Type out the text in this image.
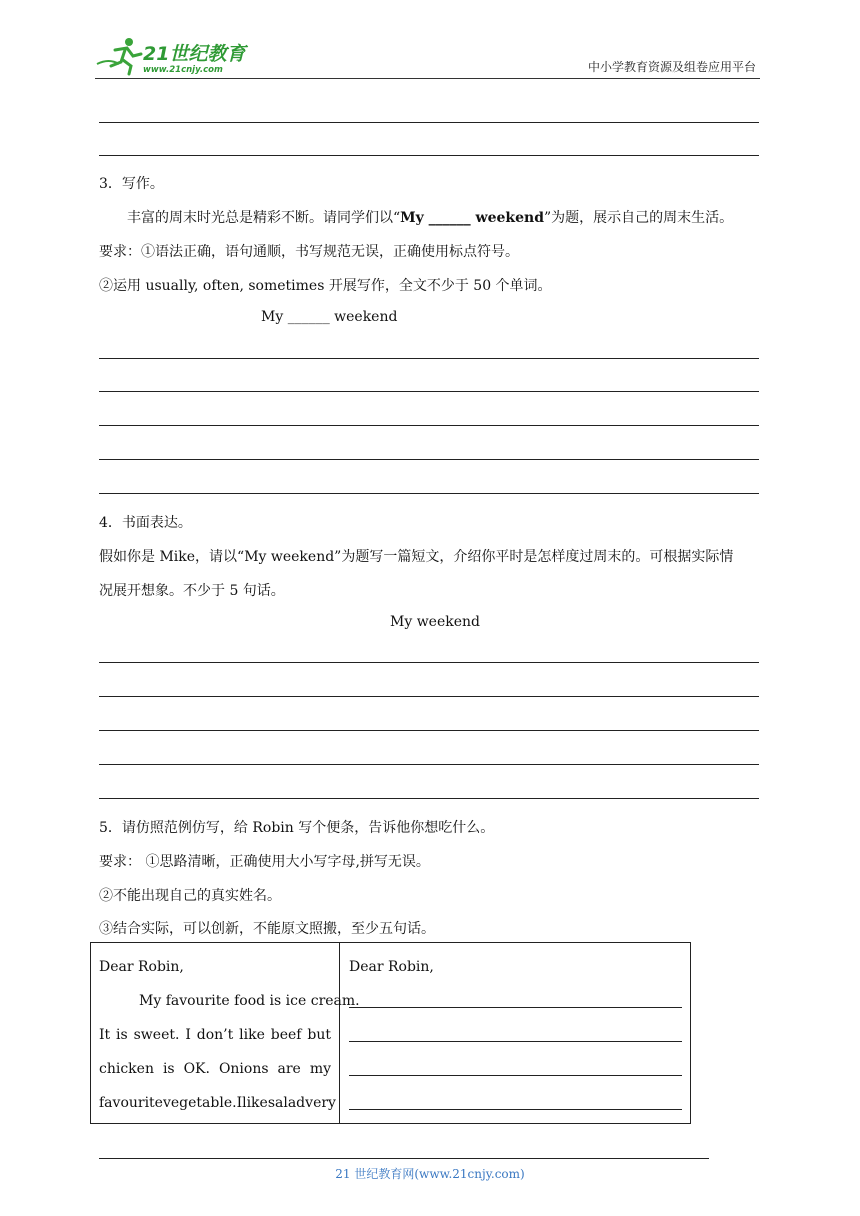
21世纪教育
www.21cnjy.com	中小学教育资源及组卷应用平台
3．写作。
丰富的周末时光总是精彩不断。请同学们以“My ______ weekend”为题，展示自己的周末生活。
要求：①语法正确，语句通顺，书写规范无误，正确使用标点符号。
②运用 usually, often, sometimes 开展写作，全文不少于 50 个单词。
My ______ weekend
4．书面表达。
假如你是 Mike，请以“My weekend”为题写一篇短文，介绍你平时是怎样度过周末的。可根据实际情
况展开想象。不少于 5 句话。
My weekend
5．请仿照范例仿写，给 Robin 写个便条，告诉他你想吃什么。
要求： ①思路清晰，正确使用大小写字母,拼写无误。
②不能出现自己的真实姓名。
③结合实际，可以创新，不能原文照搬，至少五句话。
Dear Robin,
My favourite food is ice cream.
It is sweet. I don’t like beef but
chicken is OK. Onions are my
favourite vegetable. I like salad very
Dear Robin,
21 世纪教育网(www.21cnjy.com)
